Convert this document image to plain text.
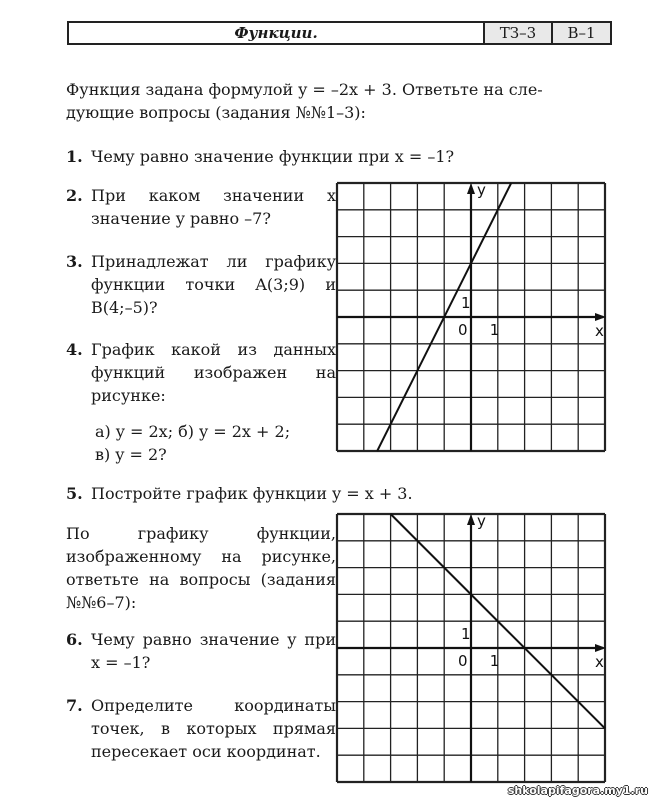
Функции.	ТЗ–3	В–1
Функция задана формулой y = –2x + 3. Ответьте на сле-
дующие вопросы (задания №№1–3):
1. Чему равно значение функции при x = –1?
2. При каком значении x значение y равно –7?
3. Принадлежат ли графику функции точки A(3;9) и B(4;–5)?
4. График какой из данных функций изображен на рисунке:
а) y = 2x; б) y = 2x + 2;
в) y = 2?
5. Постройте график функции y = x + 3.
По графику функции, изображенному на рисунке, ответьте на вопросы (задания №№6–7):
6. Чему равно значение y при x = –1?
7. Определите координаты точек, в которых прямая пересекает оси координат.
y
x
0 1
1
y
x
0 1
1
shkolapifagora.my1.ru
